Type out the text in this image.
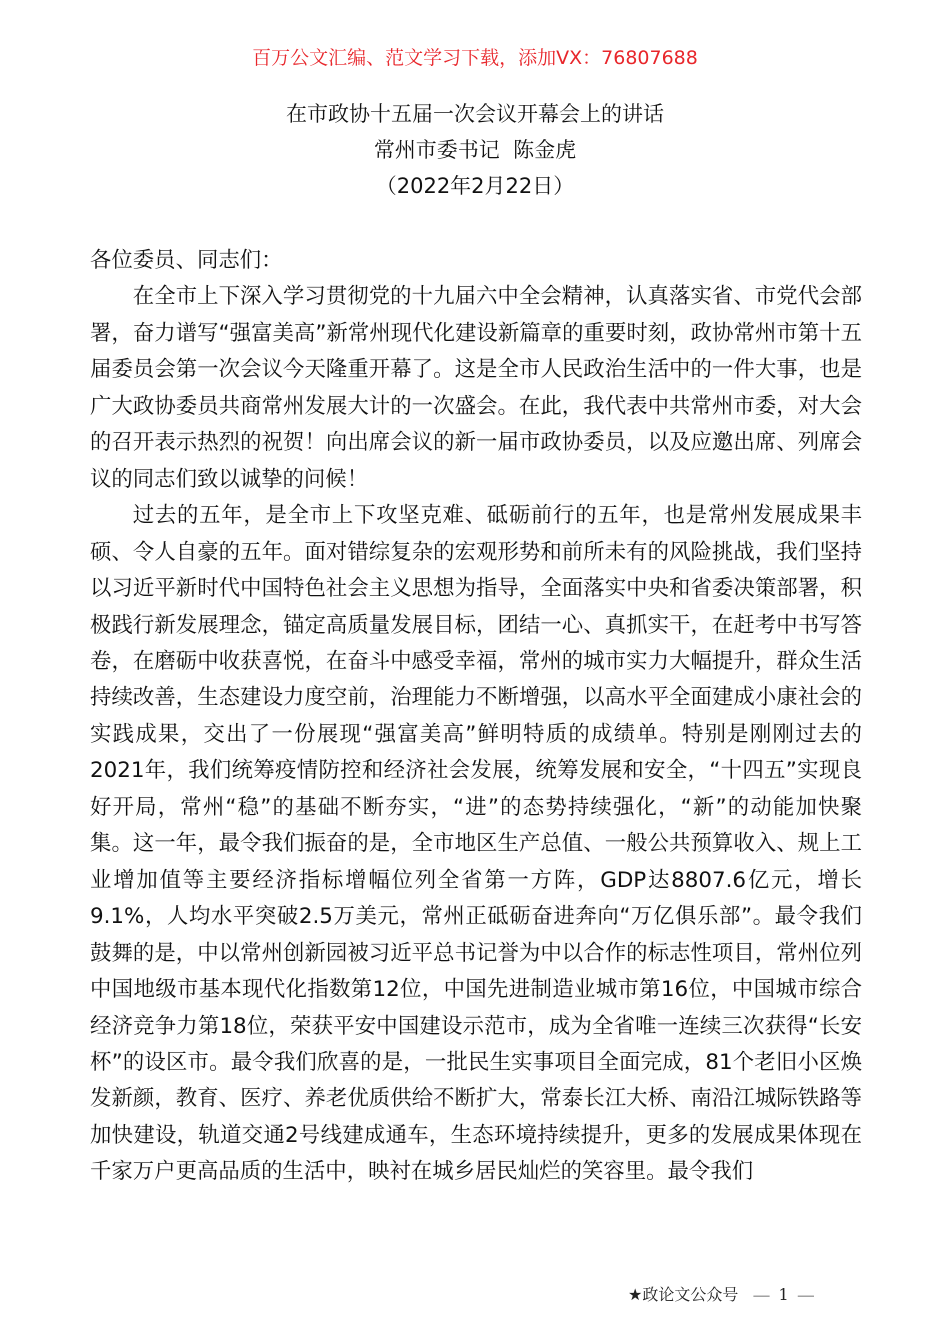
百万公文汇编、范文学习下载，添加VX：76807688
在市政协十五届一次会议开幕会上的讲话
常州市委书记  陈金虎
（2022年2月22日）

各位委员、同志们：

在全市上下深入学习贯彻党的十九届六中全会精神，认真落实省、市党代会部署，奋力谱写“强富美高”新常州现代化建设新篇章的重要时刻，政协常州市第十五届委员会第一次会议今天隆重开幕了。这是全市人民政治生活中的一件大事，也是广大政协委员共商常州发展大计的一次盛会。在此，我代表中共常州市委，对大会的召开表示热烈的祝贺！向出席会议的新一届市政协委员，以及应邀出席、列席会议的同志们致以诚挚的问候！

过去的五年，是全市上下攻坚克难、砥砺前行的五年，也是常州发展成果丰硕、令人自豪的五年。面对错综复杂的宏观形势和前所未有的风险挑战，我们坚持以习近平新时代中国特色社会主义思想为指导，全面落实中央和省委决策部署，积极践行新发展理念，锚定高质量发展目标，团结一心、真抓实干，在赶考中书写答卷，在磨砺中收获喜悦，在奋斗中感受幸福，常州的城市实力大幅提升，群众生活持续改善，生态建设力度空前，治理能力不断增强，以高水平全面建成小康社会的实践成果，交出了一份展现“强富美高”鲜明特质的成绩单。特别是刚刚过去的2021年，我们统筹疫情防控和经济社会发展，统筹发展和安全，“十四五”实现良好开局，常州“稳”的基础不断夯实，“进”的态势持续强化，“新”的动能加快聚集。这一年，最令我们振奋的是，全市地区生产总值、一般公共预算收入、规上工业增加值等主要经济指标增幅位列全省第一方阵，GDP达8807.6亿元，增长9.1%，人均水平突破2.5万美元，常州正砥砺奋进奔向“万亿俱乐部”。最令我们鼓舞的是，中以常州创新园被习近平总书记誉为中以合作的标志性项目，常州位列中国地级市基本现代化指数第12位，中国先进制造业城市第16位，中国城市综合经济竞争力第18位，荣获平安中国建设示范市，成为全省唯一连续三次获得“长安杯”的设区市。最令我们欣喜的是，一批民生实事项目全面完成，81个老旧小区焕发新颜，教育、医疗、养老优质供给不断扩大，常泰长江大桥、南沿江城际铁路等加快建设，轨道交通2号线建成通车，生态环境持续提升，更多的发展成果体现在千家万户更高品质的生活中，映衬在城乡居民灿烂的笑容里。最令我们

★政论文公众号 — 1 —
